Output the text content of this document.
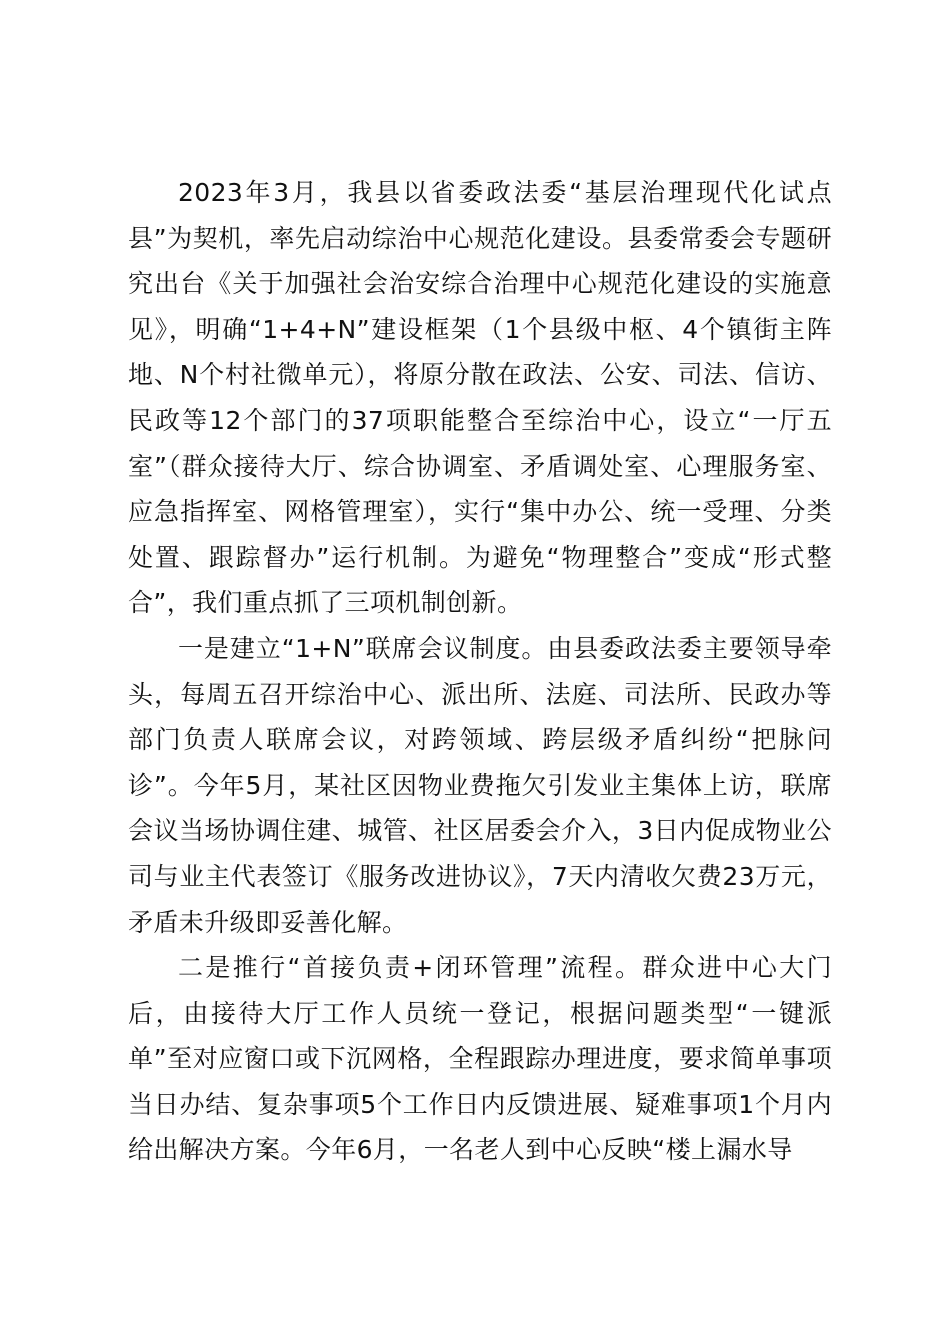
2023年3月，我县以省委政法委“基层治理现代化试点县”为契机，率先启动综治中心规范化建设。县委常委会专题研究出台《关于加强社会治安综合治理中心规范化建设的实施意见》，明确“1+4+N”建设框架（1个县级中枢、4个镇街主阵地、N个村社微单元），将原分散在政法、公安、司法、信访、民政等12个部门的37项职能整合至综治中心，设立“一厅五室”（群众接待大厅、综合协调室、矛盾调处室、心理服务室、应急指挥室、网格管理室），实行“集中办公、统一受理、分类处置、跟踪督办”运行机制。为避免“物理整合”变成“形式整合”，我们重点抓了三项机制创新。

一是建立“1+N”联席会议制度。由县委政法委主要领导牵头，每周五召开综治中心、派出所、法庭、司法所、民政办等部门负责人联席会议，对跨领域、跨层级矛盾纠纷“把脉问诊”。今年5月，某社区因物业费拖欠引发业主集体上访，联席会议当场协调住建、城管、社区居委会介入，3日内促成物业公司与业主代表签订《服务改进协议》，7天内清收欠费23万元，矛盾未升级即妥善化解。

二是推行“首接负责+闭环管理”流程。群众进中心大门后，由接待大厅工作人员统一登记，根据问题类型“一键派单”至对应窗口或下沉网格，全程跟踪办理进度，要求简单事项当日办结、复杂事项5个工作日内反馈进展、疑难事项1个月内给出解决方案。今年6月，一名老人到中心反映“楼上漏水导
